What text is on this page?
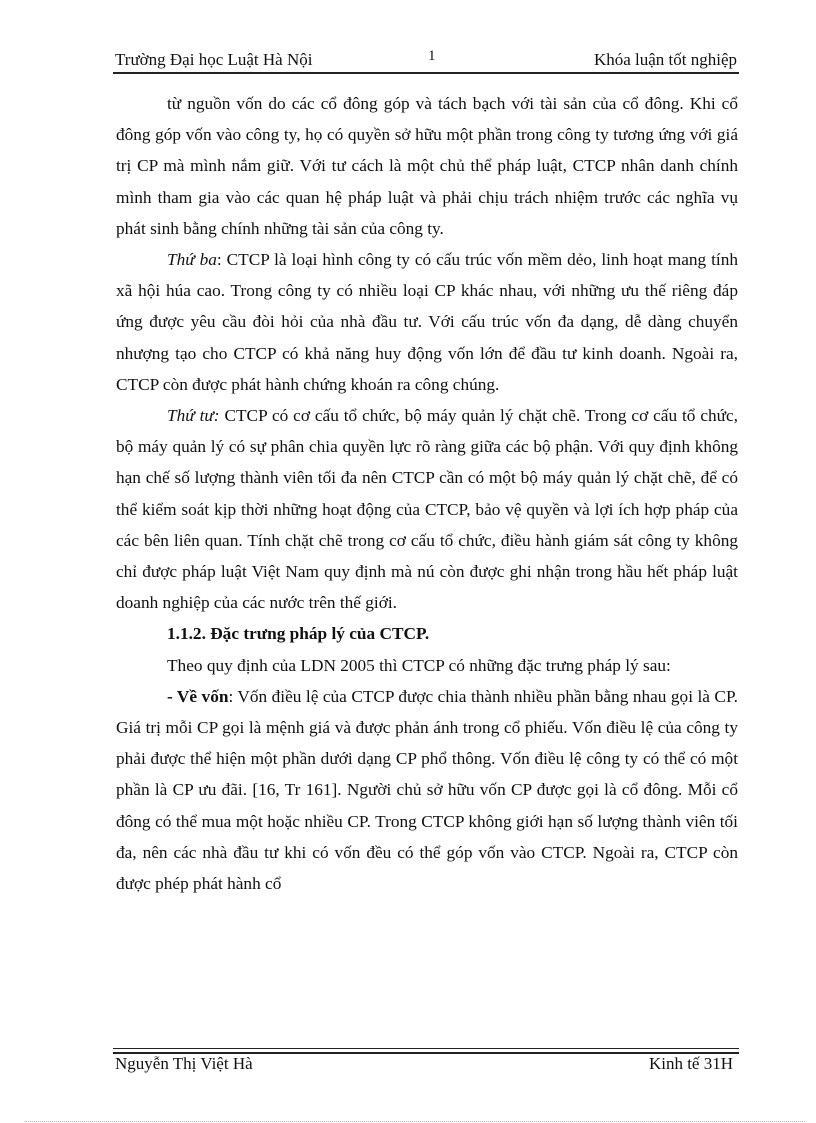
Trường Đại học Luật Hà Nội	1	Khóa luận tốt nghiệp

từ nguồn vốn do các cổ đông góp và tách bạch với tài sản của cổ đông. Khi cổ đông góp vốn vào công ty, họ có quyền sở hữu một phần trong công ty tương ứng với giá trị CP mà mình nắm giữ. Với tư cách là một chủ thể pháp luật, CTCP nhân danh chính mình tham gia vào các quan hệ pháp luật và phải chịu trách nhiệm trước các nghĩa vụ phát sinh bằng chính những tài sản của công ty.

Thứ ba: CTCP là loại hình công ty có cấu trúc vốn mềm dẻo, linh hoạt mang tính xã hội húa cao. Trong công ty có nhiều loại CP khác nhau, với những ưu thế riêng đáp ứng được yêu cầu đòi hỏi của nhà đầu tư. Với cấu trúc vốn đa dạng, dễ dàng chuyển nhượng tạo cho CTCP có khả năng huy động vốn lớn để đầu tư kinh doanh. Ngoài ra, CTCP còn được phát hành chứng khoán ra công chúng.

Thứ tư: CTCP có cơ cấu tổ chức, bộ máy quản lý chặt chẽ. Trong cơ cấu tổ chức, bộ máy quản lý có sự phân chia quyền lực rõ ràng giữa các bộ phận. Với quy định không hạn chế số lượng thành viên tối đa nên CTCP cần có một bộ máy quản lý chặt chẽ, để có thể kiểm soát kịp thời những hoạt động của CTCP, bảo vệ quyền và lợi ích hợp pháp của các bên liên quan. Tính chặt chẽ trong cơ cấu tổ chức, điều hành giám sát công ty không chỉ được pháp luật Việt Nam quy định mà nú còn được ghi nhận trong hầu hết pháp luật doanh nghiệp của các nước trên thế giới.

1.1.2. Đặc trưng pháp lý của CTCP.

Theo quy định của LDN 2005 thì CTCP có những đặc trưng pháp lý sau:

- Về vốn: Vốn điều lệ của CTCP được chia thành nhiều phần bằng nhau gọi là CP. Giá trị mỗi CP gọi là mệnh giá và được phản ánh trong cổ phiếu. Vốn điều lệ của công ty phải được thể hiện một phần dưới dạng CP phổ thông. Vốn điều lệ công ty có thể có một phần là CP ưu đãi. [16, Tr 161]. Người chủ sở hữu vốn CP được gọi là cổ đông. Mỗi cổ đông có thể mua một hoặc nhiều CP. Trong CTCP không giới hạn số lượng thành viên tối đa, nên các nhà đầu tư khi có vốn đều có thể góp vốn vào CTCP. Ngoài ra, CTCP còn được phép phát hành cổ

Nguyễn Thị Việt Hà	Kinh tế 31H
